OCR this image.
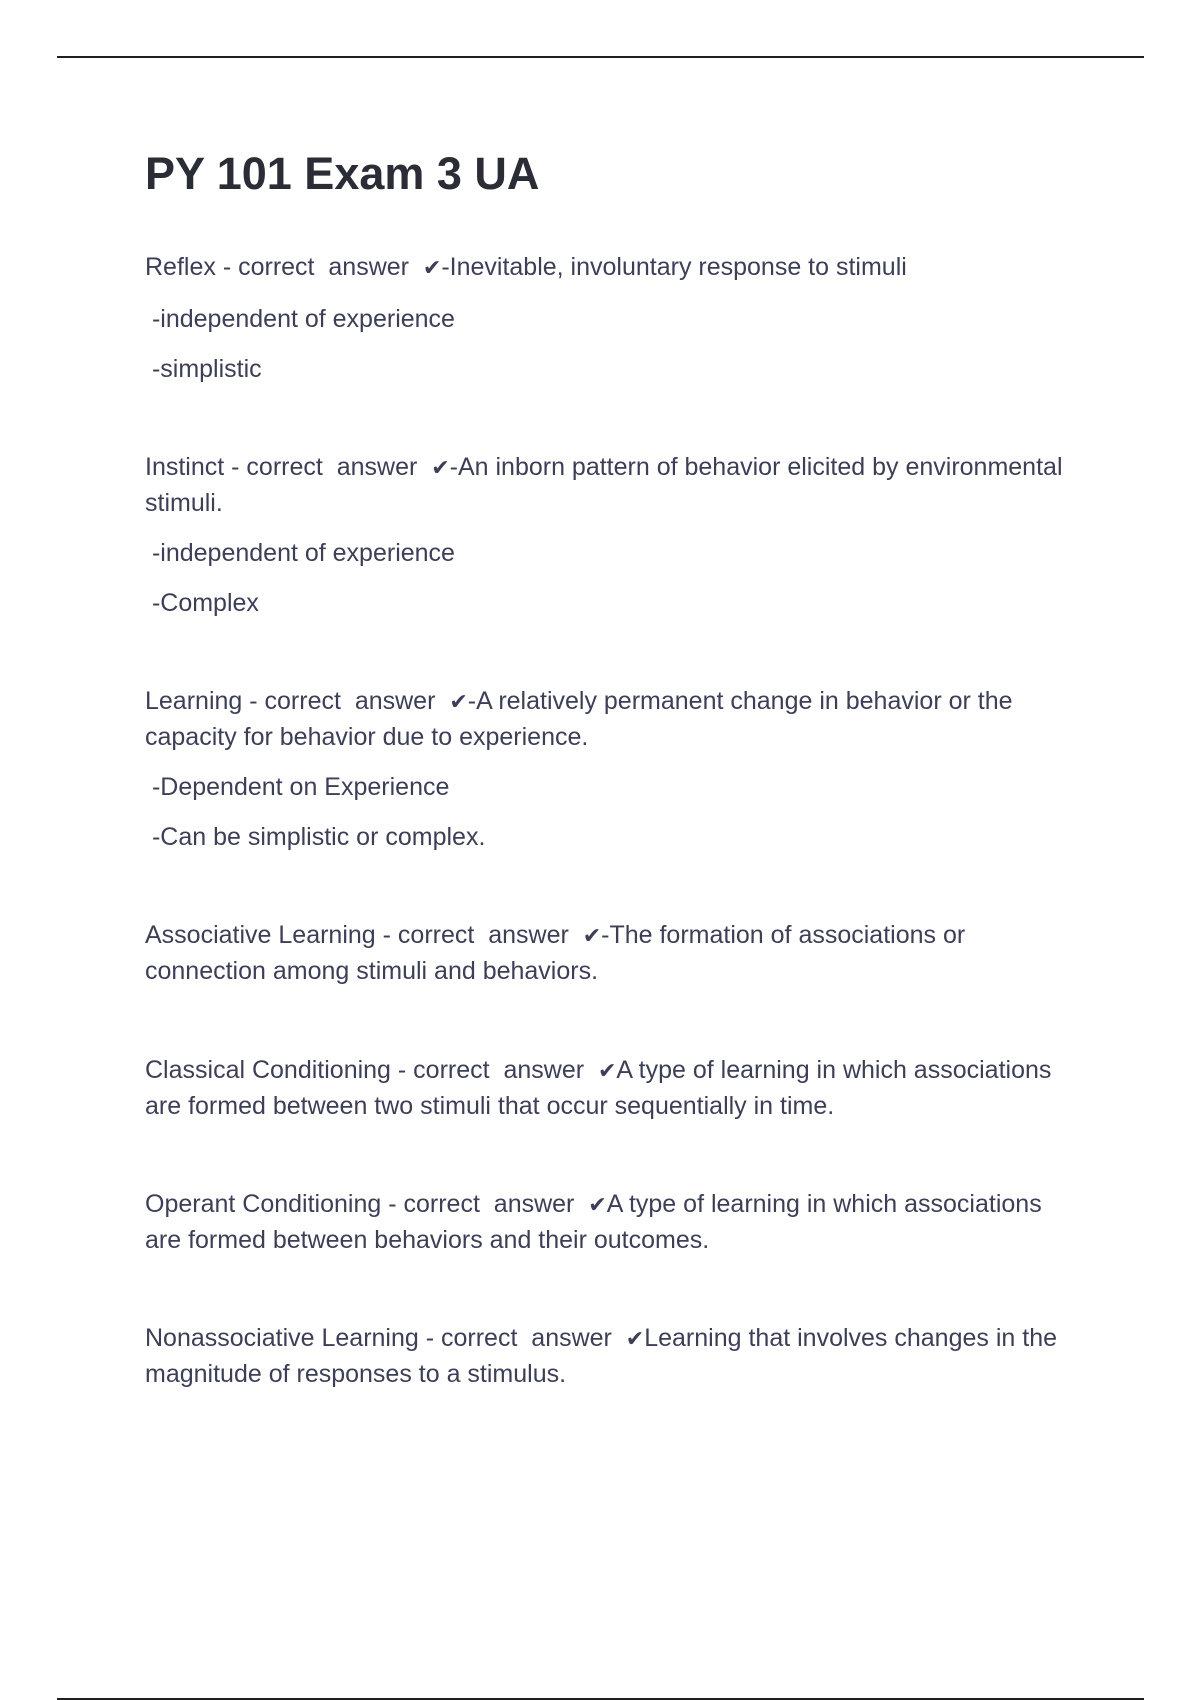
PY 101 Exam 3 UA

Reflex - correct  answer  ✔-Inevitable, involuntary response to stimuli

-independent of experience

-simplistic

Instinct - correct  answer  ✔-An inborn pattern of behavior elicited by environmental stimuli.

-independent of experience

-Complex

Learning - correct  answer  ✔-A relatively permanent change in behavior or the capacity for behavior due to experience.

-Dependent on Experience

-Can be simplistic or complex.

Associative Learning - correct  answer  ✔-The formation of associations or connection among stimuli and behaviors.

Classical Conditioning - correct  answer  ✔A type of learning in which associations are formed between two stimuli that occur sequentially in time.

Operant Conditioning - correct  answer  ✔A type of learning in which associations are formed between behaviors and their outcomes.

Nonassociative Learning - correct  answer  ✔Learning that involves changes in the magnitude of responses to a stimulus.
